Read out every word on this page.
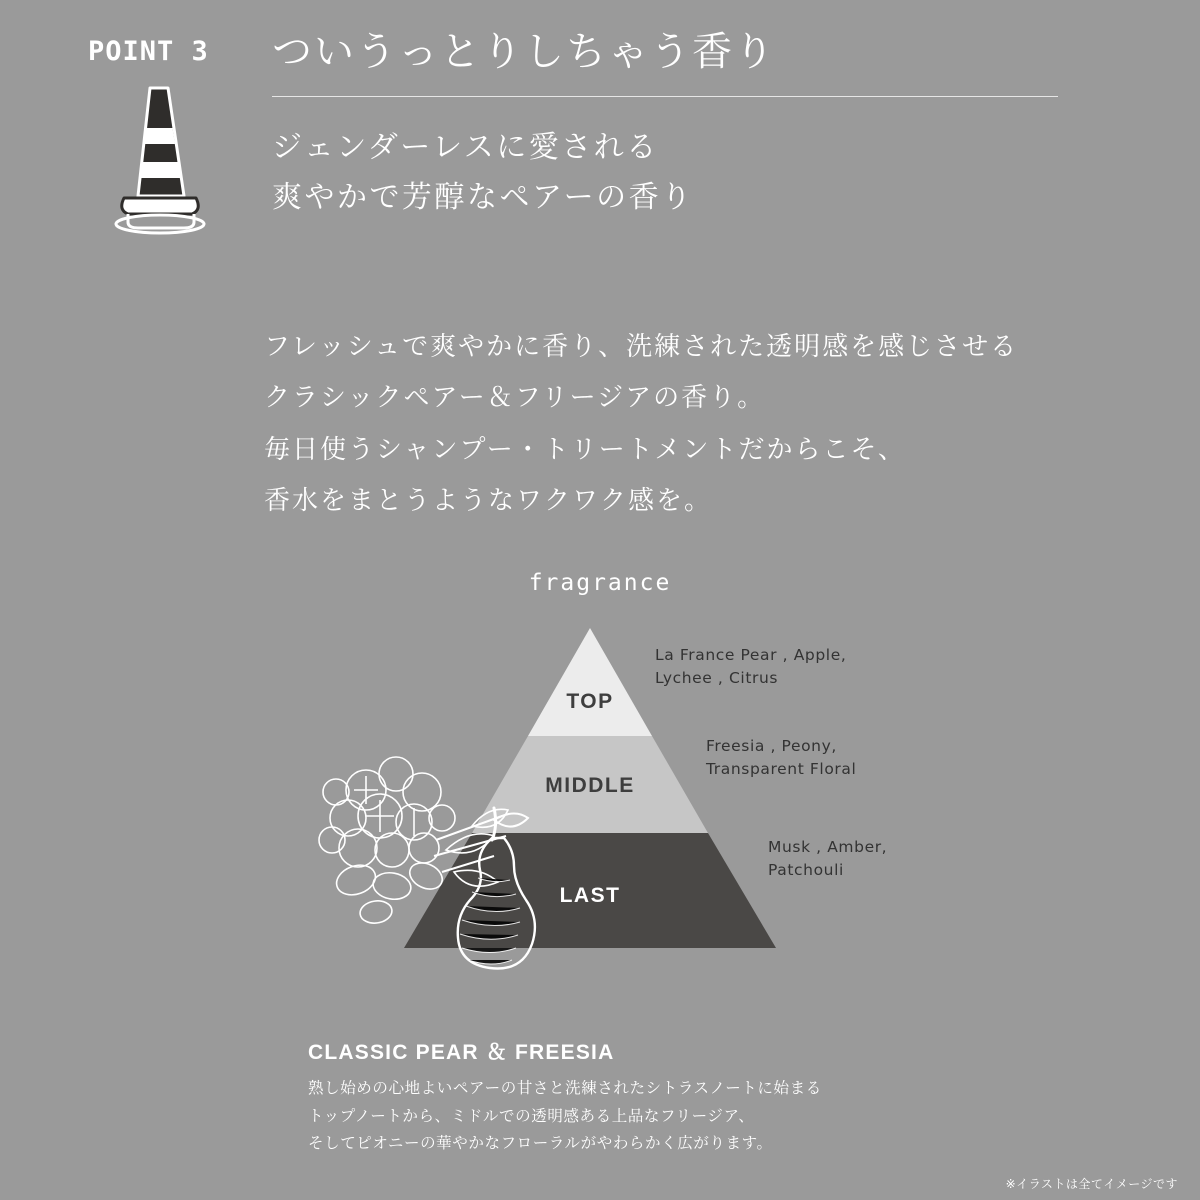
POINT 3 ついうっとりしちゃう香り
ジェンダーレスに愛される
爽やかで芳醇なペアーの香り
フレッシュで爽やかに香り、洗練された透明感を感じさせる
クラシックペアー＆フリージアの香り。
毎日使うシャンプー・トリートメントだからこそ、
香水をまとうようなワクワク感を。
fragrance
TOP
MIDDLE
LAST
La France Pear , Apple,
Lychee , Citrus
Freesia , Peony,
Transparent Floral
Musk , Amber,
Patchouli
CLASSIC PEAR ＆ FREESIA
熟し始めの心地よいペアーの甘さと洗練されたシトラスノートに始まる
トップノートから、ミドルでの透明感ある上品なフリージア、
そしてピオニーの華やかなフローラルがやわらかく広がります。
※イラストは全てイメージです
